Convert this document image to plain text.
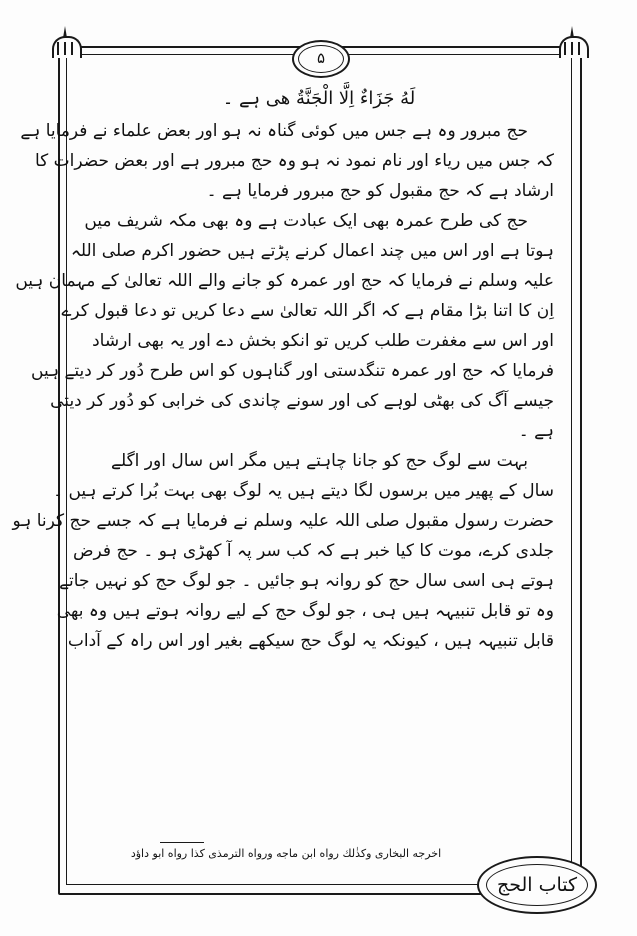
۵
لَهُ جَزَاءٌ اِلَّا الْجَنَّةُ هی ہے ۔
حج مبرور وہ ہے جس میں کوئی گناہ نہ ہو اور بعض علماء نے فرمایا ہے
کہ جس میں ریاء اور نام نمود نہ ہو وہ حج مبرور ہے اور بعض حضرات کا
ارشاد ہے کہ حج مقبول کو حج مبرور فرمایا ہے ۔
حج کی طرح عمرہ بھی ایک عبادت ہے وہ بھی مکہ شریف میں
ہوتا ہے اور اس میں چند اعمال کرنے پڑتے ہیں حضور اکرم صلی اللہ
علیہ وسلم نے فرمایا کہ حج اور عمرہ کو جانے والے اللہ تعالیٰ کے مہمان ہیں
اِن کا اتنا بڑا مقام ہے کہ اگر اللہ تعالیٰ سے دعا کریں تو دعا قبول کرے
اور اس سے مغفرت طلب کریں تو انکو بخش دے اور یہ بھی ارشاد
فرمایا کہ حج اور عمرہ تنگدستی اور گناہوں کو اس طرح دُور کر دیتے ہیں
جیسے آگ کی بھٹی لوہے کی اور سونے چاندی کی خرابی کو دُور کر دیتی
ہے ۔
بہت سے لوگ حج کو جانا چاہتے ہیں مگر اس سال اور اگلے
سال کے پھیر میں برسوں لگا دیتے ہیں یہ لوگ بھی بہت بُرا کرتے ہیں ۔
حضرت رسول مقبول صلی اللہ علیہ وسلم نے فرمایا ہے کہ جسے حج کرنا ہو
جلدی کرے، موت کا کیا خبر ہے کہ کب سر پہ آ کھڑی ہو ۔ حج فرض
ہوتے ہی اسی سال حج کو روانہ ہو جائیں ۔ جو لوگ حج کو نہیں جاتے
وہ تو قابل تنبیہہ ہیں ہی ، جو لوگ حج کے لیے روانہ ہوتے ہیں وہ بھی
قابل تنبیہہ ہیں ، کیونکہ یہ لوگ حج سیکھے بغیر اور اس راہ کے آداب
اخرجه البخاری وكذٰلك رواه ابن ماجه ورواه الترمذی كذا رواه ابو داؤد
كتاب الحج
